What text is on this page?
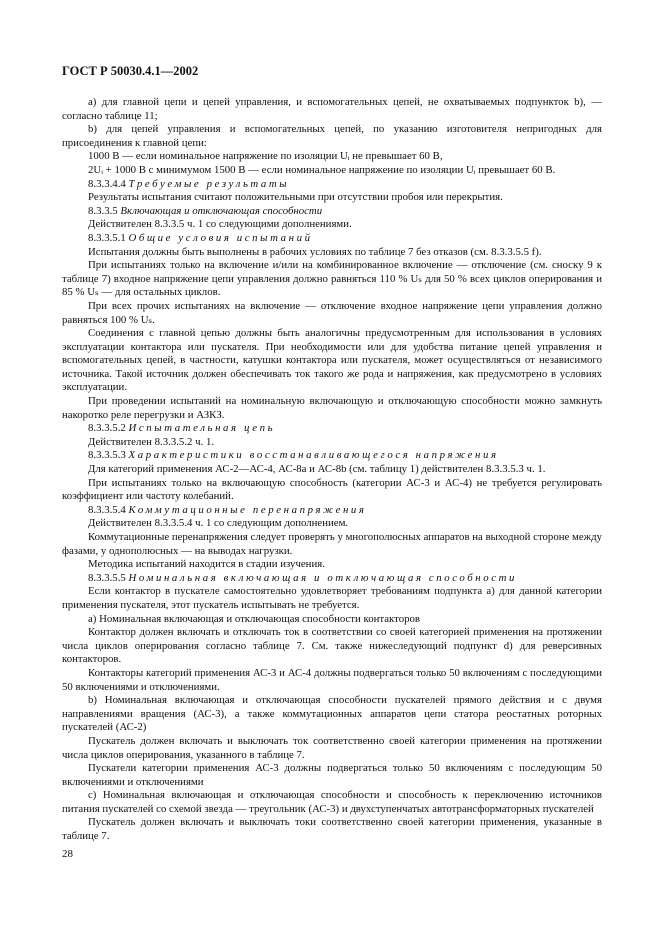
ГОСТ Р 50030.4.1—2002

а) для главной цепи и цепей управления, и вспомогательных цепей, не охватываемых подпункток b), — согласно таблице 11;

b) для цепей управления и вспомогательных цепей, по указанию изготовителя непригодных для присоединения к главной цепи:

1000 В — если номинальное напряжение по изоляции Uᵢ не превышает 60 В,

2Uᵢ + 1000 В с минимумом 1500 В — если номинальное напряжение по изоляции Uᵢ превышает 60 В.

8.3.3.4.4 Требуемые результаты

Результаты испытания считают положительными при отсутствии пробоя или перекрытия.

8.3.3.5 Включающая и отключающая способности

Действителен 8.3.3.5 ч. 1 со следующими дополнениями.

8.3.3.5.1 Общие условия испытаний

Испытания должны быть выполнены в рабочих условиях по таблице 7 без отказов (см. 8.3.3.5.5 f).

При испытаниях только на включение и/или на комбинированное включение — отключение (см. сноску 9 к таблице 7) входное напряжение цепи управления должно равняться 110 % Uₛ для 50 % всех циклов оперирования и 85 % Uₛ — для остальных циклов.

При всех прочих испытаниях на включение — отключение входное напряжение цепи управления должно равняться 100 % Uₛ.

Соединения с главной цепью должны быть аналогичны предусмотренным для использования в условиях эксплуатации контактора или пускателя. При необходимости или для удобства питание цепей управления и вспомогательных цепей, в частности, катушки контактора или пускателя, может осуществляться от независимого источника. Такой источник должен обеспечивать ток такого же рода и напряжения, как предусмотрено в условиях эксплуатации.

При проведении испытаний на номинальную включающую и отключающую способности можно замкнуть накоротко реле перегрузки и АЗКЗ.

8.3.3.5.2 Испытательная цепь

Действителен 8.3.3.5.2 ч. 1.

8.3.3.5.3 Характеристики восстанавливающегося напряжения

Для категорий применения АС-2—АС-4, АС-8а и АС-8b (см. таблицу 1) действителен 8.3.3.5.3 ч. 1.

При испытаниях только на включающую способность (категории АС-3 и АС-4) не требуется регулировать коэффициент или частоту колебаний.

8.3.3.5.4 Коммутационные перенапряжения

Действителен 8.3.3.5.4 ч. 1 со следующим дополнением.

Коммутационные перенапряжения следует проверять у многополюсных аппаратов на выходной стороне между фазами, у однополюсных — на выводах нагрузки.

Методика испытаний находится в стадии изучения.

8.3.3.5.5 Номинальная включающая и отключающая способности

Если контактор в пускателе самостоятельно удовлетворяет требованиям подпункта а) для данной категории применения пускателя, этот пускатель испытывать не требуется.

а) Номинальная включающая и отключающая способности контакторов

Контактор должен включать и отключать ток в соответствии со своей категорией применения на протяжении числа циклов оперирования согласно таблице 7. См. также нижеследующий подпункт d) для реверсивных контакторов.

Контакторы категорий применения АС-3 и АС-4 должны подвергаться только 50 включениям с последующими 50 включениями и отключениями.

b) Номинальная включающая и отключающая способности пускателей прямого действия и с двумя направлениями вращения (АС-3), а также коммутационных аппаратов цепи статора реостатных роторных пускателей (АС-2)

Пускатель должен включать и выключать ток соответственно своей категории применения на протяжении числа циклов оперирования, указанного в таблице 7.

Пускатели категории применения АС-3 должны подвергаться только 50 включениям с последующим 50 включениями и отключениями

с) Номинальная включающая и отключающая способности и способность к переключению источников питания пускателей со схемой звезда — треугольник (АС-3) и двухступенчатых автотрансформаторных пускателей

Пускатель должен включать и выключать токи соответственно своей категории применения, указанные в таблице 7.

28
